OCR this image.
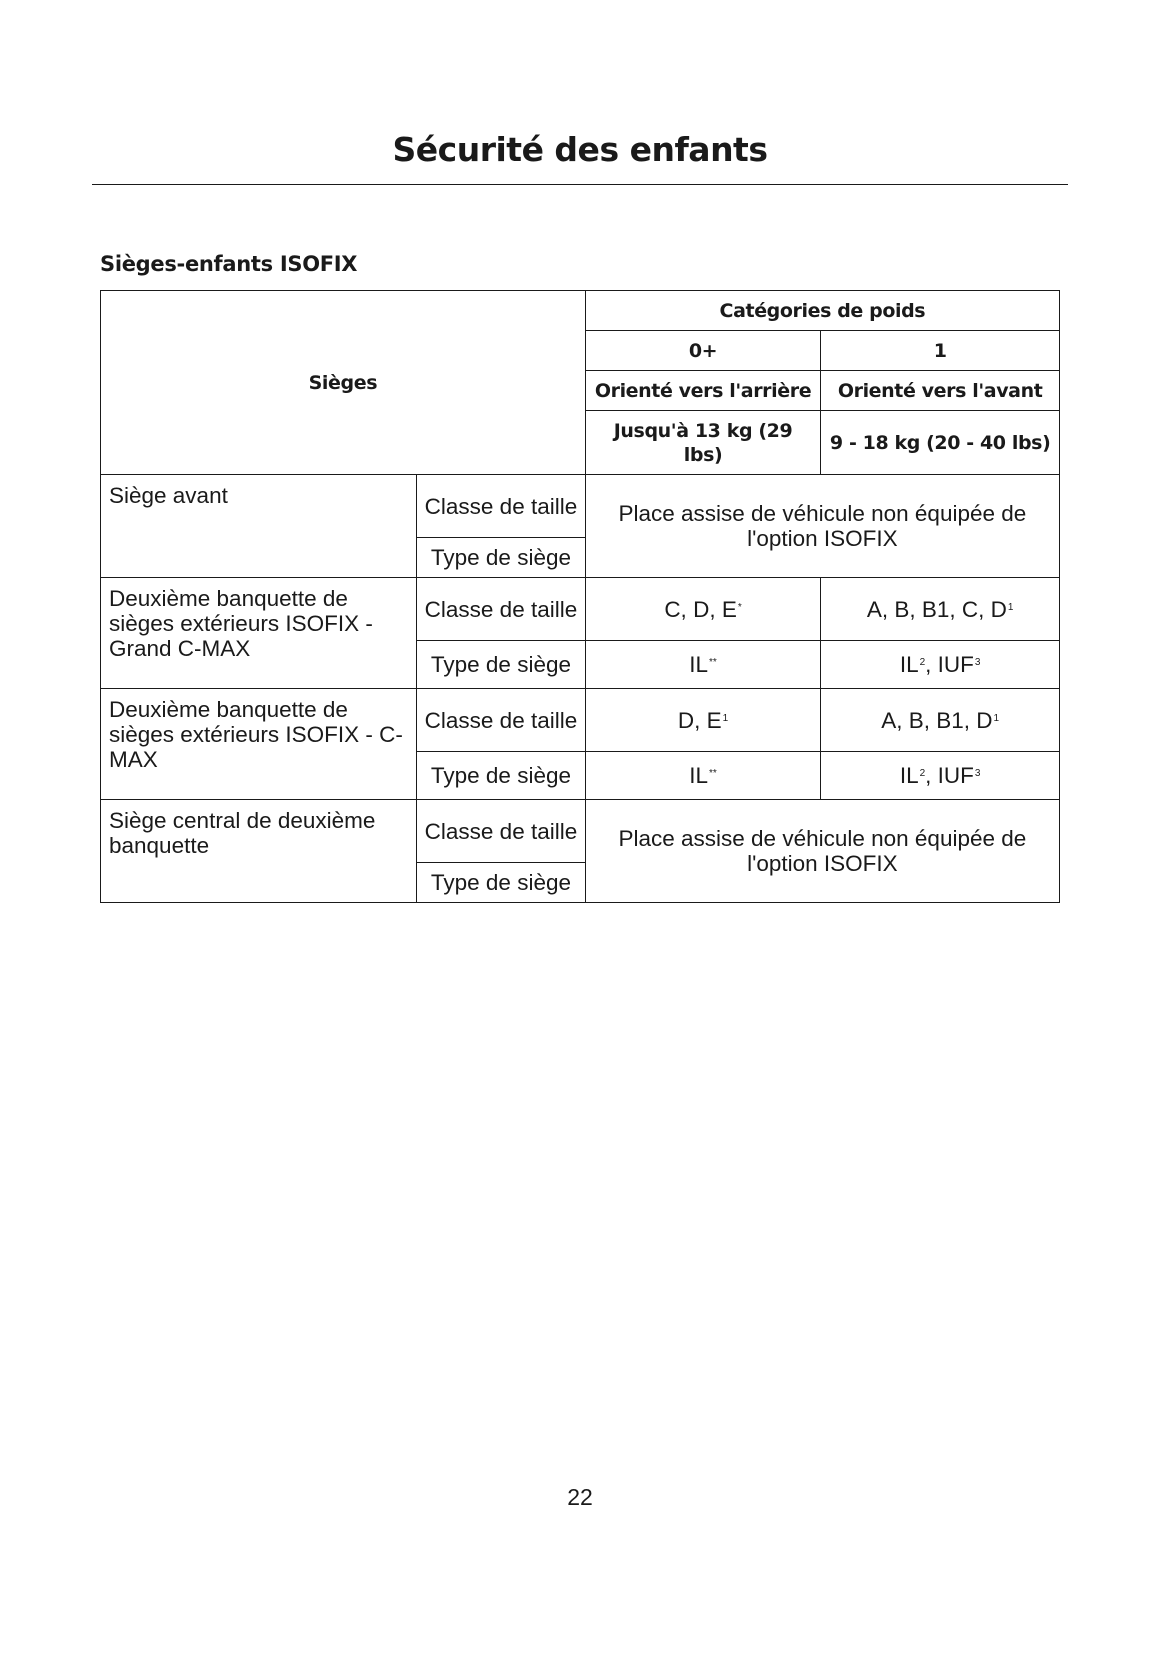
Sécurité des enfants
Sièges-enfants ISOFIX
Sièges		Catégories de poids	
		0+	1
		Orienté vers l'arrière	Orienté vers l'avant
		Jusqu'à 13 kg (29 lbs)	9 - 18 kg (20 - 40 lbs)
Siège avant	Classe de taille	Place assise de véhicule non équipée de l'option ISOFIX	
	Type de siège		
Deuxième banquette de sièges extérieurs ISOFIX - Grand C-MAX	Classe de taille	C, D, E*	A, B, B1, C, $D^1$
	Type de siège	IL**	$IL^2$, IUF$^3$
Deuxième banquette de sièges extérieurs ISOFIX - C-MAX	Classe de taille	D, $E^1$	A, B, B1, $D^1$
	Type de siège	IL**	$IL^2$, IUF$^3$
Siège central de deuxième banquette	Classe de taille	Place assise de véhicule non équipée de l'option ISOFIX	
	Type de siège		
22
